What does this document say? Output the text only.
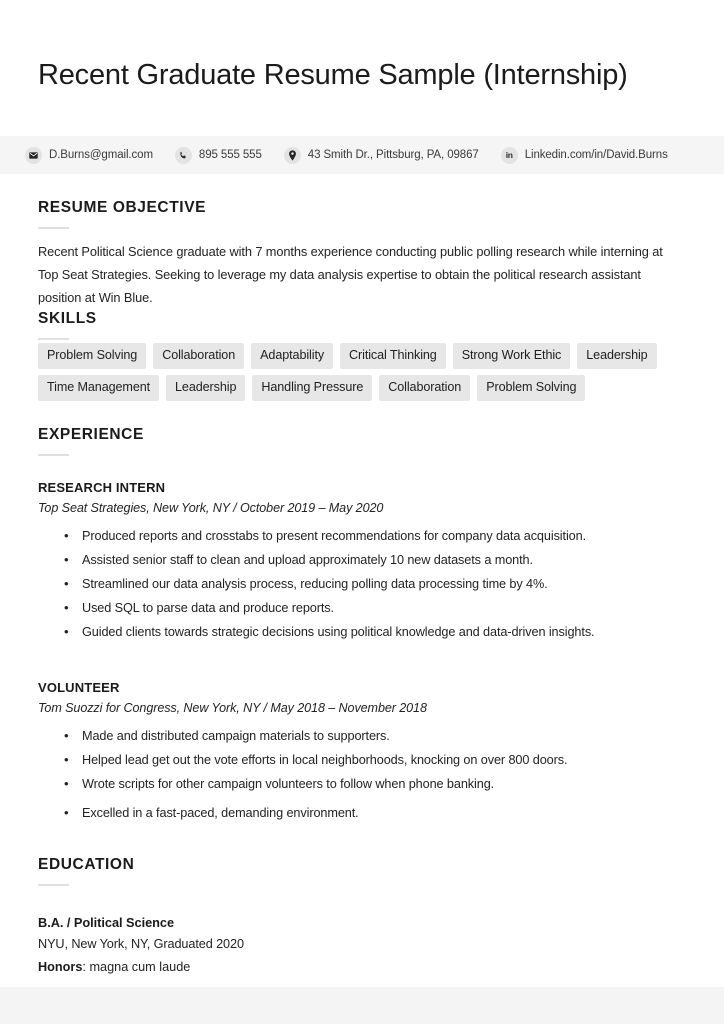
Recent Graduate Resume Sample (Internship)
D.Burns@gmail.com	895 555 555	43 Smith Dr., Pittsburg, PA, 09867	in Linkedin.com/in/David.Burns
RESUME OBJECTIVE

Recent Political Science graduate with 7 months experience conducting public polling research while interning at Top Seat Strategies. Seeking to leverage my data analysis expertise to obtain the political research assistant position at Win Blue.

SKILLS
Problem Solving	Collaboration	Adaptability	Critical Thinking	Strong Work Ethic	Leadership
Time Management	Leadership	Handling Pressure	Collaboration	Problem Solving
EXPERIENCE
RESEARCH INTERN
Top Seat Strategies, New York, NY / October 2019 – May 2020
• Produced reports and crosstabs to present recommendations for company data acquisition.
• Assisted senior staff to clean and upload approximately 10 new datasets a month.
• Streamlined our data analysis process, reducing polling data processing time by 4%.
• Used SQL to parse data and produce reports.
• Guided clients towards strategic decisions using political knowledge and data-driven insights.
VOLUNTEER
Tom Suozzi for Congress, New York, NY / May 2018 – November 2018
• Made and distributed campaign materials to supporters.
• Helped lead get out the vote efforts in local neighborhoods, knocking on over 800 doors.
• Wrote scripts for other campaign volunteers to follow when phone banking.
• Excelled in a fast-paced, demanding environment.
EDUCATION
B.A. / Political Science
NYU, New York, NY, Graduated 2020
Honors: magna cum laude
